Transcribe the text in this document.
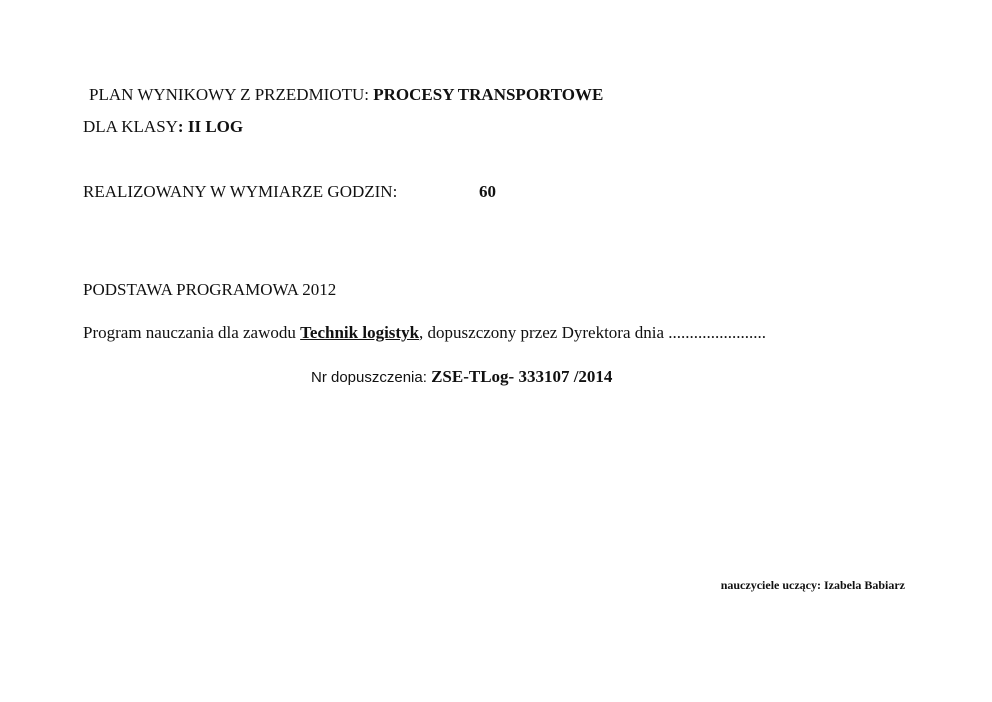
PLAN WYNIKOWY Z PRZEDMIOTU: PROCESY TRANSPORTOWE
DLA KLASY: II LOG
REALIZOWANY W WYMIARZE GODZIN:	60
PODSTAWA PROGRAMOWA 2012
Program nauczania dla zawodu Technik logistyk, dopuszczony przez Dyrektora dnia .......................
Nr dopuszczenia: ZSE-TLog- 333107 /2014
nauczyciele uczący: Izabela Babiarz
